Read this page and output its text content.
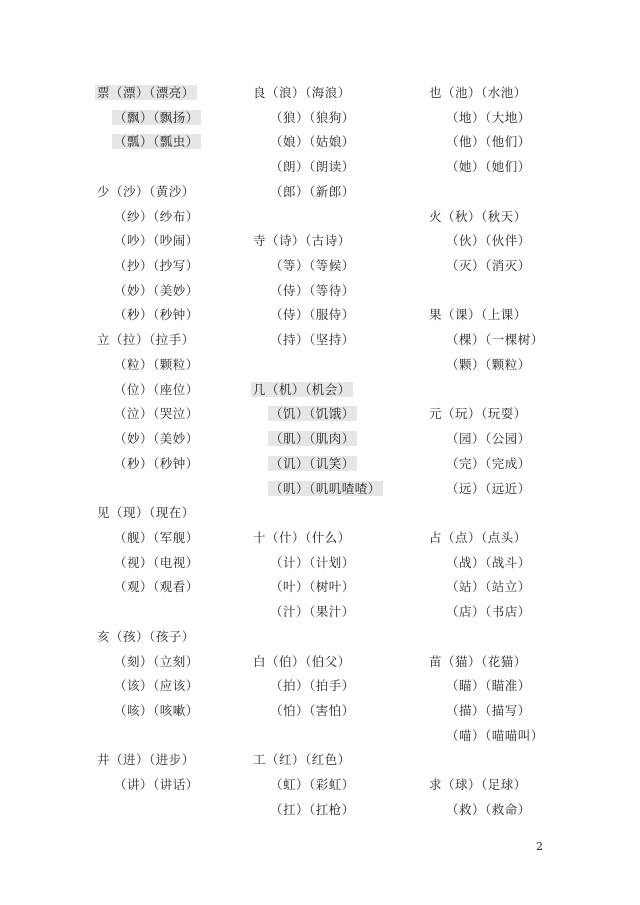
票（漂）（漂亮）
（飘）（飘扬）
（瓢）（瓢虫）
少（沙）（黄沙）
（纱）（纱布）
（吵）（吵闹）
（抄）（抄写）
（妙）（美妙）
（秒）（秒钟）
立（拉）（拉手）
（粒）（颗粒）
（位）（座位）
（泣）（哭泣）
（妙）（美妙）
（秒）（秒钟）
见（现）（现在）
（舰）（军舰）
（视）（电视）
（观）（观看）
亥（孩）（孩子）
（刻）（立刻）
（该）（应该）
（咳）（咳嗽）
井（进）（进步）
（讲）（讲话）
良（浪）（海浪）
（狼）（狼狗）
（娘）（姑娘）
（朗）（朗读）
（郎）（新郎）
寺（诗）（古诗）
（等）（等候）
（侍）（等待）
（侍）（服侍）
（持）（坚持）
几（机）（机会）
（饥）（饥饿）
（肌）（肌肉）
（讥）（讥笑）
（叽）（叽叽喳喳）
十（什）（什么）
（计）（计划）
（叶）（树叶）
（汁）（果汁）
白（伯）（伯父）
（拍）（拍手）
（怕）（害怕）
工（红）（红色）
（虹）（彩虹）
（扛）（扛枪）
也（池）（水池）
（地）（大地）
（他）（他们）
（她）（她们）
火（秋）（秋天）
（伙）（伙伴）
（灭）（消灭）
果（课）（上课）
（棵）（一棵树）
（颗）（颗粒）
元（玩）（玩耍）
（园）（公园）
（完）（完成）
（远）（远近）
占（点）（点头）
（战）（战斗）
（站）（站立）
（店）（书店）
苗（猫）（花猫）
（瞄）（瞄准）
（描）（描写）
（喵）（喵喵叫）
求（球）（足球）
（救）（救命）
2
